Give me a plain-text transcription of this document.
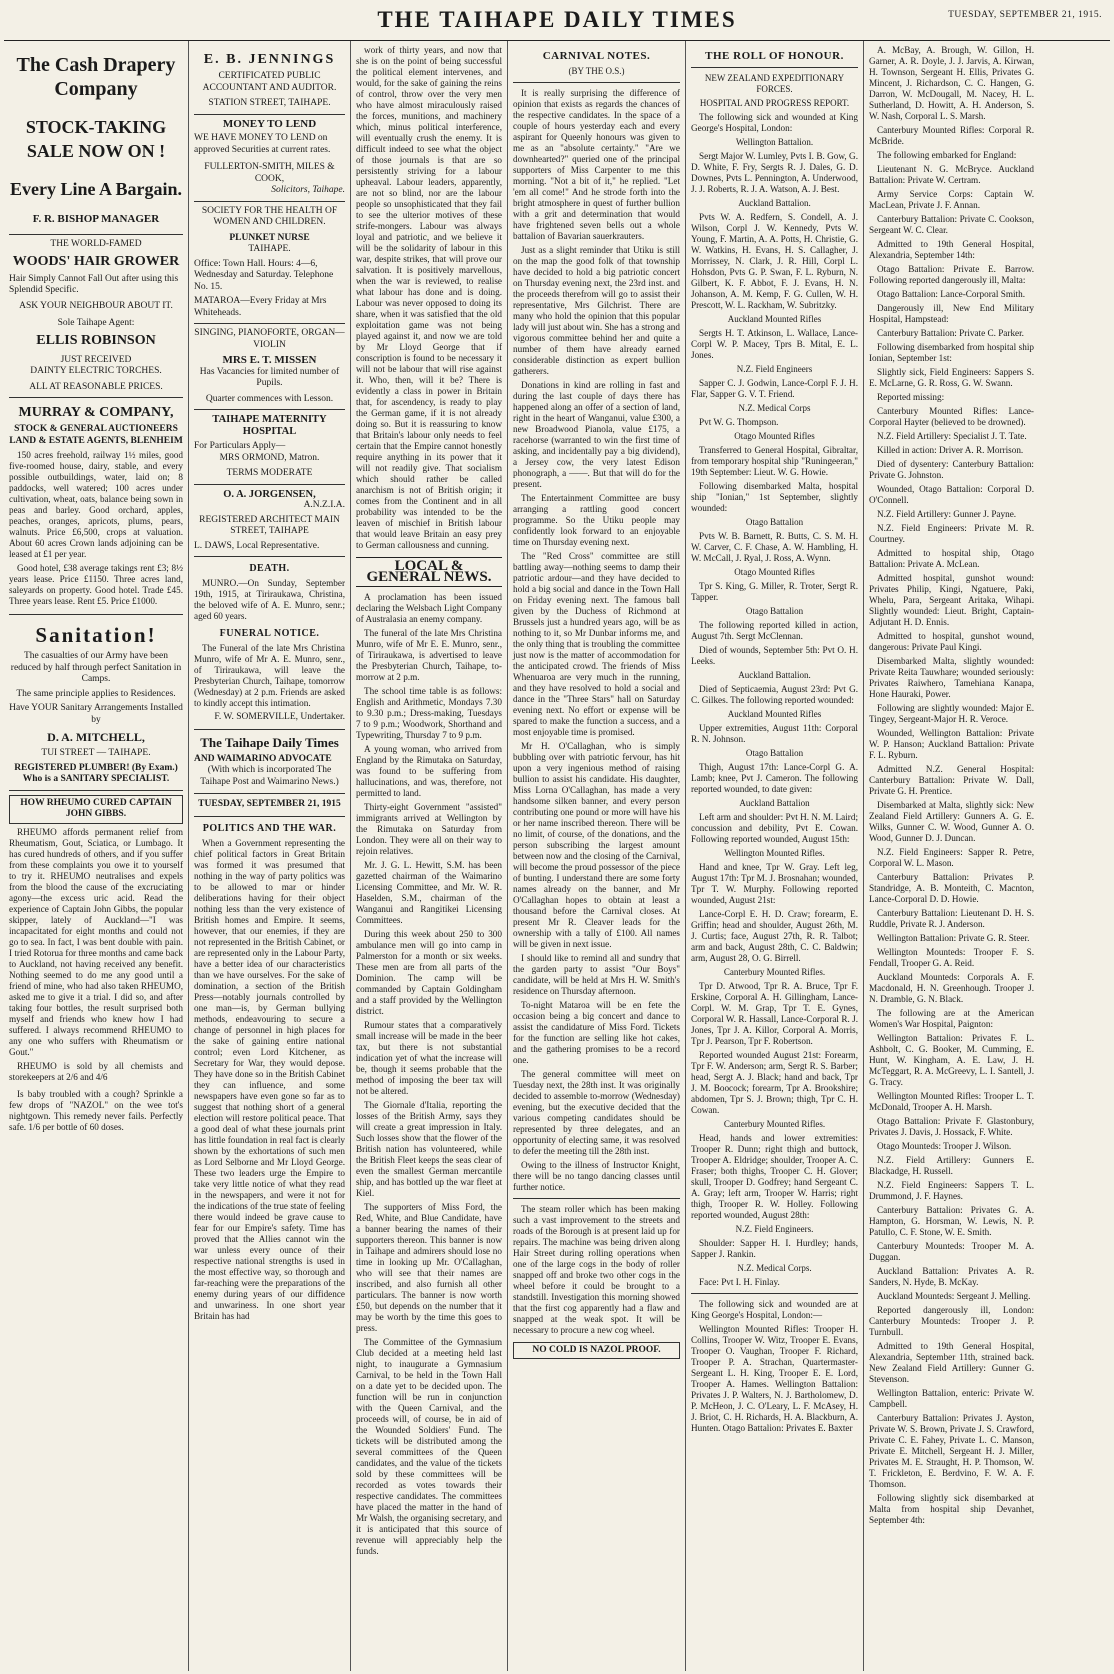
THE TAIHAPE DAILY TIMES	TUESDAY, SEPTEMBER 21, 1915.
The Cash Drapery Company
STOCK-TAKING SALE NOW ON !
Every Line A Bargain.
F. R. BISHOP MANAGER
THE WORLD-FAMED
WOODS' HAIR GROWER
Hair Simply Cannot Fall Out after using this Splendid Specific.
ASK YOUR NEIGHBOUR ABOUT IT.
Sole Taihape Agent:
ELLIS ROBINSON
JUST RECEIVED
DAINTY ELECTRIC TORCHES.
ALL AT REASONABLE PRICES.
MURRAY & COMPANY,
STOCK & GENERAL AUCTIONEERS LAND & ESTATE AGENTS, BLENHEIM

150 acres freehold, railway 1½ miles, good five-roomed house, dairy, stable, and every possible outbuildings, water, laid on; 8 paddocks, well watered; 100 acres under cultivation, wheat, oats, balance being sown in peas and barley. Good orchard, apples, peaches, oranges, apricots, plums, pears, walnuts. Price £6,500, crops at valuation. About 60 acres Crown lands adjoining can be leased at £1 per year.

Good hotel, £38 average takings rent £3; 8½ years lease. Price £1150. Three acres land, saleyards on property. Good hotel. Trade £45. Three years lease. Rent £5. Price £1000.

Sanitation!
The casualties of our Army have been reduced by half through perfect Sanitation in Camps.
The same principle applies to Residences.
Have YOUR Sanitary Arrangements Installed by
D. A. MITCHELL,
TUI STREET — TAIHAPE.
REGISTERED PLUMBER! (By Exam.) Who is a SANITARY SPECIALIST.
HOW RHEUMO CURED CAPTAIN JOHN GIBBS.

RHEUMO affords permanent relief from Rheumatism, Gout, Sciatica, or Lumbago. It has cured hundreds of others, and if you suffer from these complaints you owe it to yourself to try it. RHEUMO neutralises and expels from the blood the cause of the excruciating agony—the excess uric acid. Read the experience of Captain John Gibbs, the popular skipper, lately of Auckland—"I was incapacitated for eight months and could not go to sea. In fact, I was bent double with pain. I tried Rotorua for three months and came back to Auckland, not having received any benefit. Nothing seemed to do me any good until a friend of mine, who had also taken RHEUMO, asked me to give it a trial. I did so, and after taking four bottles, the result surprised both myself and friends who knew how I had suffered. I always recommend RHEUMO to any one who suffers with Rheumatism or Gout."

RHEUMO is sold by all chemists and storekeepers at 2/6 and 4/6

Is baby troubled with a cough? Sprinkle a few drops of "NAZOL" on the wee tot's nightgown. This remedy never fails. Perfectly safe. 1/6 per bottle of 60 doses.

E. B. JENNINGS
CERTIFICATED PUBLIC ACCOUNTANT AND AUDITOR.
STATION STREET, TAIHAPE.
MONEY TO LEND
WE HAVE MONEY TO LEND on approved Securities at current rates.
FULLERTON-SMITH, MILES & COOK,
Solicitors, Taihape.
SOCIETY FOR THE HEALTH OF WOMEN AND CHILDREN.
PLUNKET NURSE
TAIHAPE.
Office: Town Hall. Hours: 4—6, Wednesday and Saturday. Telephone No. 15.
MATAROA—Every Friday at Mrs Whiteheads.
SINGING, PIANOFORTE, ORGAN—VIOLIN
MRS E. T. MISSEN
Has Vacancies for limited number of Pupils.
Quarter commences with Lesson.
TAIHAPE MATERNITY HOSPITAL
For Particulars Apply—
MRS ORMOND, Matron.
TERMS MODERATE
O. A. JORGENSEN,
A.N.Z.I.A.
REGISTERED ARCHITECT MAIN STREET, TAIHAPE
L. DAWS, Local Representative.
DEATH.

MUNRO.—On Sunday, September 19th, 1915, at Tiriraukawa, Christina, the beloved wife of A. E. Munro, senr.; aged 60 years.

FUNERAL NOTICE.

The Funeral of the late Mrs Christina Munro, wife of Mr A. E. Munro, senr., of Tiriraukawa, will leave the Presbyterian Church, Taihape, tomorrow (Wednesday) at 2 p.m. Friends are asked to kindly accept this intimation.

F. W. SOMERVILLE, Undertaker.
The Taihape Daily Times
AND WAIMARINO ADVOCATE
(With which is incorporated The Taihape Post and Waimarino News.)
TUESDAY, SEPTEMBER 21, 1915
POLITICS AND THE WAR.

When a Government representing the chief political factors in Great Britain was formed it was presumed that nothing in the way of party politics was to be allowed to mar or hinder deliberations having for their object nothing less than the very existence of British homes and Empire. It seems, however, that our enemies, if they are not represented in the British Cabinet, or are represented only in the Labour Party, have a better idea of our characteristics than we have ourselves. For the sake of domination, a section of the British Press—notably journals controlled by one man—is, by German bullying methods, endeavouring to secure a change of personnel in high places for the sake of gaining entire national control; even Lord Kitchener, as Secretary for War, they would depose. They have done so in the British Cabinet they can influence, and some newspapers have even gone so far as to suggest that nothing short of a general election will restore political peace. That a good deal of what these journals print has little foundation in real fact is clearly shown by the exhortations of such men as Lord Selborne and Mr Lloyd George. These two leaders urge the Empire to take very little notice of what they read in the newspapers, and were it not for the indications of the true state of feeling there would indeed be grave cause to fear for our Empire's safety. Time has proved that the Allies cannot win the war unless every ounce of their respective national strengths is used in the most effective way, so thorough and far-reaching were the preparations of the enemy during years of our diffidence and unwariness. In one short year Britain has had

work of thirty years, and now that she is on the point of being successful the political element intervenes, and would, for the sake of gaining the reins of control, throw over the very men who have almost miraculously raised the forces, munitions, and machinery which, minus political interference, will eventually crush the enemy. It is difficult indeed to see what the object of those journals is that are so persistently striving for a labour upheaval. Labour leaders, apparently, are not so blind, nor are the labour people so unsophisticated that they fail to see the ulterior motives of these strife-mongers. Labour was always loyal and patriotic, and we believe it will be the solidarity of labour in this war, despite strikes, that will prove our salvation. It is positively marvellous, when the war is reviewed, to realise what labour has done and is doing. Labour was never opposed to doing its share, when it was satisfied that the old exploitation game was not being played against it, and now we are told by Mr Lloyd George that if conscription is found to be necessary it will not be labour that will rise against it. Who, then, will it be? There is evidently a class in power in Britain that, for ascendency, is ready to play the German game, if it is not already doing so. But it is reassuring to know that Britain's labour only needs to feel certain that the Empire cannot honestly require anything in its power that it will not readily give. That socialism which should rather be called anarchism is not of British origin; it comes from the Continent and in all probability was intended to be the leaven of mischief in British labour that would leave Britain an easy prey to German callousness and cunning.

LOCAL & GENERAL NEWS.

A proclamation has been issued declaring the Welsbach Light Company of Australasia an enemy company.

The funeral of the late Mrs Christina Munro, wife of Mr E. E. Munro, senr., of Tiriraukawa, is advertised to leave the Presbyterian Church, Taihape, to-morrow at 2 p.m.

The school time table is as follows: English and Arithmetic, Mondays 7.30 to 9.30 p.m.; Dress-making, Tuesdays 7 to 9 p.m.; Woodwork, Shorthand and Typewriting, Thursday 7 to 9 p.m.

A young woman, who arrived from England by the Rimutaka on Saturday, was found to be suffering from hallucinations, and was, therefore, not permitted to land.

Thirty-eight Government "assisted" immigrants arrived at Wellington by the Rimutaka on Saturday from London. They were all on their way to rejoin relatives.

Mr. J. G. L. Hewitt, S.M. has been gazetted chairman of the Waimarino Licensing Committee, and Mr. W. R. Haselden, S.M., chairman of the Wanganui and Rangitikei Licensing Committees.

During this week about 250 to 300 ambulance men will go into camp in Palmerston for a month or six weeks. These men are from all parts of the Dominion. The camp will be commanded by Captain Goldingham and a staff provided by the Wellington district.

Rumour states that a comparatively small increase will be made in the beer tax, but there is not substantial indication yet of what the increase will be, though it seems probable that the method of imposing the beer tax will not be altered.

The Giornale d'Italia, reporting the losses of the British Army, says they will create a great impression in Italy. Such losses show that the flower of the British nation has volunteered, while the British Fleet keeps the seas clear of even the smallest German mercantile ship, and has bottled up the war fleet at Kiel.

The supporters of Miss Ford, the Red, White, and Blue Candidate, have a banner bearing the names of their supporters thereon. This banner is now in Taihape and admirers should lose no time in looking up Mr. O'Callaghan, who will see that their names are inscribed, and also furnish all other particulars. The banner is now worth £50, but depends on the number that it may be worth by the time this goes to press.

The Committee of the Gymnasium Club decided at a meeting held last night, to inaugurate a Gymnasium Carnival, to be held in the Town Hall on a date yet to be decided upon. The function will be run in conjunction with the Queen Carnival, and the proceeds will, of course, be in aid of the Wounded Soldiers' Fund. The tickets will be distributed among the several committees of the Queen candidates, and the value of the tickets sold by these committees will be recorded as votes towards their respective candidates. The committees have placed the matter in the hand of Mr Walsh, the organising secretary, and it is anticipated that this source of revenue will appreciably help the funds.

CARNIVAL NOTES.
(BY THE O.S.)

It is really surprising the difference of opinion that exists as regards the chances of the respective candidates. In the space of a couple of hours yesterday each and every aspirant for Queenly honours was given to me as an "absolute certainty." "Are we downhearted?" queried one of the principal supporters of Miss Carpenter to me this morning. "Not a bit of it," he replied. "Let 'em all come!" And he strode forth into the bright atmosphere in quest of further bullion with a grit and determination that would have frightened seven bells out a whole battalion of Bavarian sauerkrauters.

Just as a slight reminder that Utiku is still on the map the good folk of that township have decided to hold a big patriotic concert on Thursday evening next, the 23rd inst. and the proceeds therefrom will go to assist their representative, Mrs Gilchrist. There are many who hold the opinion that this popular lady will just about win. She has a strong and vigorous committee behind her and quite a number of them have already earned considerable distinction as expert bullion gatherers.

Donations in kind are rolling in fast and during the last couple of days there has happened along an offer of a section of land, right in the heart of Wanganui, value £300, a new Broadwood Pianola, value £175, a racehorse (warranted to win the first time of asking, and incidentally pay a big dividend), a Jersey cow, the very latest Edison phonograph, a ——. But that will do for the present.

The Entertainment Committee are busy arranging a rattling good concert programme. So the Utiku people may confidently look forward to an enjoyable time on Thursday evening next.

The "Red Cross" committee are still battling away—nothing seems to damp their patriotic ardour—and they have decided to hold a big social and dance in the Town Hall on Friday evening next. The famous ball given by the Duchess of Richmond at Brussels just a hundred years ago, will be as nothing to it, so Mr Dunbar informs me, and the only thing that is troubling the committee just now is the matter of accommodation for the anticipated crowd. The friends of Miss Whenuaroa are very much in the running, and they have resolved to hold a social and dance in the "Three Stars" hall on Saturday evening next. No effort or expense will be spared to make the function a success, and a most enjoyable time is promised.

Mr H. O'Callaghan, who is simply bubbling over with patriotic fervour, has hit upon a very ingenious method of raising bullion to assist his candidate. His daughter, Miss Lorna O'Callaghan, has made a very handsome silken banner, and every person contributing one pound or more will have his or her name inscribed thereon. There will be no limit, of course, of the donations, and the person subscribing the largest amount between now and the closing of the Carnival, will become the proud possessor of the piece of bunting. I understand there are some forty names already on the banner, and Mr O'Callaghan hopes to obtain at least a thousand before the Carnival closes. At present Mr R. Cleaver leads for the ownership with a tally of £100. All names will be given in next issue.

I should like to remind all and sundry that the garden party to assist "Our Boys" candidate, will be held at Mrs H. W. Smith's residence on Thursday afternoon.

To-night Mataroa will be en fete the occasion being a big concert and dance to assist the candidature of Miss Ford. Tickets for the function are selling like hot cakes, and the gathering promises to be a record one.

The general committee will meet on Tuesday next, the 28th inst. It was originally decided to assemble to-morrow (Wednesday) evening, but the executive decided that the various competing candidates should be represented by three delegates, and an opportunity of electing same, it was resolved to defer the meeting till the 28th inst.

Owing to the illness of Instructor Knight, there will be no tango dancing classes until further notice.

The steam roller which has been making such a vast improvement to the streets and roads of the Borough is at present laid up for repairs. The machine was being driven along Hair Street during rolling operations when one of the large cogs in the body of roller snapped off and broke two other cogs in the wheel before it could be brought to a standstill. Investigation this morning showed that the first cog apparently had a flaw and snapped at the weak spot. It will be necessary to procure a new cog wheel.

NO COLD IS NAZOL PROOF.
THE ROLL OF HONOUR.
NEW ZEALAND EXPEDITIONARY FORCES.
HOSPITAL AND PROGRESS REPORT.

The following sick and wounded at King George's Hospital, London:

Wellington Battalion.

Sergt Major W. Lumley, Pvts I. B. Gow, G. D. White, F. Fry, Sergts R. J. Dales, G. D. Downes, Pvts L. Pennington, A. Underwood, J. J. Roberts, R. J. A. Watson, A. J. Best.

Auckland Battalion.

Pvts W. A. Redfern, S. Condell, A. J. Wilson, Corpl J. W. Kennedy, Pvts W. Young, F. Martin, A. A. Potts, H. Christie, G. W. Watkins, H. Evans, H. S. Callagher, J. Morrissey, N. Clark, J. R. Hill, Corpl L. Hohsdon, Pvts G. P. Swan, F. L. Ryburn, N. Gilbert, K. F. Abbot, F. J. Evans, H. N. Johanson, A. M. Kemp, F. G. Cullen, W. H. Prescott, W. L. Rackham, W. Subritzky.

Auckland Mounted Rifles

Sergts H. T. Atkinson, L. Wallace, Lance-Corpl W. P. Macey, Tprs B. Mital, E. L. Jones.

N.Z. Field Engineers

Sapper C. J. Godwin, Lance-Corpl F. J. H. Flar, Sapper G. V. T. Friend.

N.Z. Medical Corps

Pvt W. G. Thompson.

Otago Mounted Rifles

Transferred to General Hospital, Gibraltar, from temporary hospital ship "Runingeeran," 19th September: Lieut. W. G. Howie.

Following disembarked Malta, hospital ship "Ionian," 1st September, slightly wounded:

Otago Battalion

Pvts W. B. Barnett, R. Butts, C. S. M. H. W. Carver, C. F. Chase, A. W. Hambling, H. W. McCall, J. Ryal, J. Ross, A. Wynn.

Otago Mounted Rifles

Tpr S. King, G. Miller, R. Troter, Sergt R. Tapper.

Otago Battalion

The following reported killed in action, August 7th. Sergt McClennan.

Died of wounds, September 5th: Pvt O. H. Leeks.

Auckland Battalion.

Died of Septicaemia, August 23rd: Pvt G. C. Gilkes. The following reported wounded:

Auckland Mounted Rifles

Upper extremities, August 11th: Corporal R. N. Johnson.

Otago Battalion

Thigh, August 17th: Lance-Corpl G. A. Lamb; knee, Pvt J. Cameron. The following reported wounded, to date given:

Auckland Battalion

Left arm and shoulder: Pvt H. N. M. Laird; concussion and debility, Pvt E. Cowan. Following reported wounded, August 15th:

Wellington Mounted Rifles.

Hand and knee, Tpr W. Gray. Left leg, August 17th: Tpr M. J. Brosnahan; wounded, Tpr T. W. Murphy. Following reported wounded, August 21st:

Lance-Corpl E. H. D. Craw; forearm, E. Griffin; head and shoulder, August 26th, M. J. Curtis; face, August 27th, R. R. Talbot; arm and back, August 28th, C. C. Baldwin; arm, August 28, O. G. Birrell.

Canterbury Mounted Rifles.

Tpr D. Atwood, Tpr R. A. Bruce, Tpr F. Erskine, Corporal A. H. Gillingham, Lance-Corpl. W. M. Grap, Tpr T. E. Gynes, Corporal W. R. Hassall, Lance-Corporal R. J. Jones, Tpr J. A. Killor, Corporal A. Morris, Tpr J. Pearson, Tpr F. Robertson.

Reported wounded August 21st: Forearm, Tpr F. W. Anderson; arm, Sergt R. S. Barber; head, Sergt A. J. Black; hand and back, Tpr J. M. Boocock; forearm, Tpr A. Brookshire; abdomen, Tpr S. J. Brown; thigh, Tpr C. H. Cowan.

Canterbury Mounted Rifles.

Head, hands and lower extremities: Trooper R. Dunn; right thigh and buttock, Trooper A. Eldridge; shoulder, Trooper A. C. Fraser; both thighs, Trooper C. H. Glover; skull, Trooper D. Godfrey; hand Sergeant C. A. Gray; left arm, Trooper W. Harris; right thigh, Trooper R. W. Holley. Following reported wounded, August 28th:

N.Z. Field Engineers.

Shoulder: Sapper H. I. Hurdley; hands, Sapper J. Rankin.

N.Z. Medical Corps.

Face: Pvt I. H. Finlay.

The following sick and wounded are at King George's Hospital, London:—

Wellington Mounted Rifles: Trooper H. Collins, Trooper W. Witz, Trooper E. Evans, Trooper O. Vaughan, Trooper F. Richard, Trooper P. A. Strachan, Quartermaster-Sergeant L. H. King, Trooper E. E. Lord, Trooper A. Hames. Wellington Battalion: Privates J. P. Walters, N. J. Bartholomew, D. P. McHeon, J. C. O'Leary, L. F. McAsey, H. J. Briot, C. H. Richards, H. A. Blackburn, A. Hunten. Otago Battalion: Privates E. Baxter

A. McBay, A. Brough, W. Gillon, H. Garner, A. R. Doyle, J. J. Jarvis, A. Kirwan, H. Townson, Sergeant H. Ellis, Privates G. Mincent, J. Richardson, C. C. Hangen, G. Darron, W. McDougall, M. Nacey, H. L. Sutherland, D. Howitt, A. H. Anderson, S. W. Nash, Corporal L. S. Marsh.

Canterbury Mounted Rifles: Corporal R. McBride.

The following embarked for England:

Lieutenant N. G. McBryce. Auckland Battalion: Private W. Certram.

Army Service Corps: Captain W. MacLean, Private J. F. Annan.

Canterbury Battalion: Private C. Cookson, Sergeant W. C. Clear.

Admitted to 19th General Hospital, Alexandria, September 14th:

Otago Battalion: Private E. Barrow. Following reported dangerously ill, Malta:

Otago Battalion: Lance-Corporal Smith.

Dangerously ill, New End Military Hospital, Hampstead:

Canterbury Battalion: Private C. Parker.

Following disembarked from hospital ship Ionian, September 1st:

Slightly sick, Field Engineers: Sappers S. E. McLarne, G. R. Ross, G. W. Swann.

Reported missing:

Canterbury Mounted Rifles: Lance-Corporal Hayter (believed to be drowned).

N.Z. Field Artillery: Specialist J. T. Tate.

Killed in action: Driver A. R. Morrison.

Died of dysentery: Canterbury Battalion: Private G. Johnston.

Wounded, Otago Battalion: Corporal D. O'Connell.

N.Z. Field Artillery: Gunner J. Payne.

N.Z. Field Engineers: Private M. R. Courtney.

Admitted to hospital ship, Otago Battalion: Private A. McLean.

Admitted hospital, gunshot wound: Privates Philip, Kingi, Ngatuere, Paki, Whelu, Para, Sergeant Aritaka, Wihapi. Slightly wounded: Lieut. Bright, Captain-Adjutant H. D. Ennis.

Admitted to hospital, gunshot wound, dangerous: Private Paul Kingi.

Disembarked Malta, slightly wounded: Private Reita Tauwhare; wounded seriously: Privates Raiwhero, Tamehiana Kanapa, Hone Hauraki, Power.

Following are slightly wounded: Major E. Tingey, Sergeant-Major H. R. Veroce.

Wounded, Wellington Battalion: Private W. P. Hanson; Auckland Battalion: Private F. L. Ryburn.

Admitted N.Z. General Hospital: Canterbury Battalion: Private W. Dall, Private G. H. Prentice.

Disembarked at Malta, slightly sick: New Zealand Field Artillery: Gunners A. G. E. Wilks, Gunner C. W. Wood, Gunner A. O. Wood, Gunner D. J. Duncan.

N.Z. Field Engineers: Sapper R. Petre, Corporal W. L. Mason.

Canterbury Battalion: Privates P. Standridge, A. B. Monteith, C. Macnton, Lance-Corporal D. D. Howie.

Canterbury Battalion: Lieutenant D. H. S. Ruddle, Private R. J. Anderson.

Wellington Battalion: Private G. R. Steer.

Wellington Mounteds: Trooper F. S. Fendall, Trooper G. A. Reid.

Auckland Mounteds: Corporals A. F. Macdonald, H. N. Greenhough. Trooper J. N. Dramble, G. N. Black.

The following are at the American Women's War Hospital, Paignton:

Wellington Battalion: Privates F. L. Ashbolt, C. G. Booker, M. Cumming, E. Hunt, W. Kingham, A. E. Law, J. H. McTeggart, R. A. McGreevy, L. I. Santell, J. G. Tracy.

Wellington Mounted Rifles: Trooper L. T. McDonald, Trooper A. H. Marsh.

Otago Battalion: Private F. Glastonbury, Privates J. Davis, J. Hossack, F. White.

Otago Mounteds: Trooper J. Wilson.

N.Z. Field Artillery: Gunners E. Blackadge, H. Russell.

N.Z. Field Engineers: Sappers T. L. Drummond, J. F. Haynes.

Canterbury Battalion: Privates G. A. Hampton, G. Horsman, W. Lewis, N. P. Patullo, C. F. Stone, W. E. Smith.

Canterbury Mounteds: Trooper M. A. Duggan.

Auckland Battalion: Privates A. R. Sanders, N. Hyde, B. McKay.

Auckland Mounteds: Sergeant J. Melling.

Reported dangerously ill, London: Canterbury Mounteds: Trooper J. P. Turnbull.

Admitted to 19th General Hospital, Alexandria, September 11th, strained back. New Zealand Field Artillery: Gunner G. Stevenson.

Wellington Battalion, enteric: Private W. Campbell.

Canterbury Battalion: Privates J. Ayston, Private W. S. Brown, Private J. S. Crawford, Private C. E. Fahey, Private L. C. Manson, Private E. Mitchell, Sergeant H. J. Miller, Privates M. E. Straught, H. P. Thomson, W. T. Frickleton, E. Berdvino, F. W. A. F. Thomson.

Following slightly sick disembarked at Malta from hospital ship Devanhet, September 4th:
